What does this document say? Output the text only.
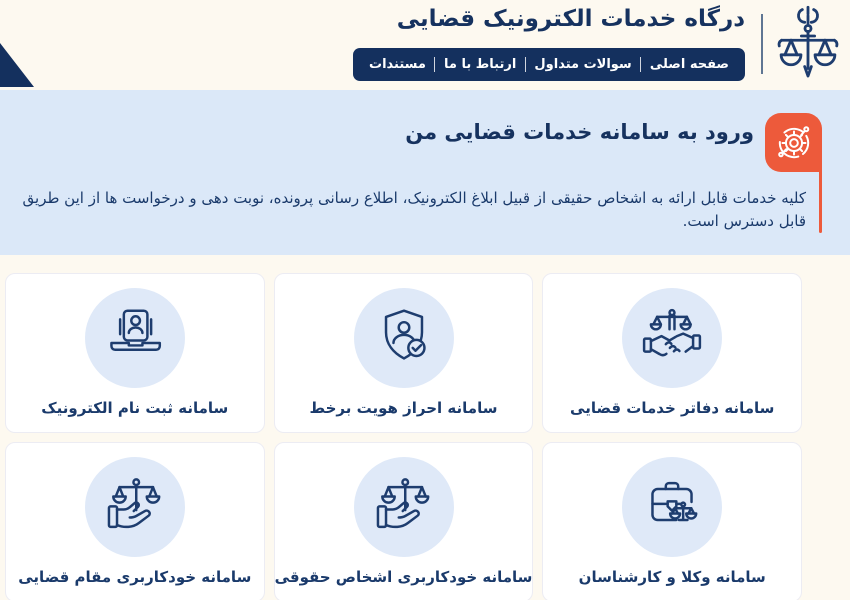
درگاه خدمات الکترونیک قضایی
صفحه اصلی
سوالات متداول
ارتباط با ما
مستندات
ورود به سامانه خدمات قضایی من

کلیه خدمات قابل ارائه به اشخاص حقیقی از قبیل ابلاغ الکترونیک، اطلاع رسانی پرونده، نوبت دهی و درخواست ها از این طریق قابل دسترس است.

سامانه دفاتر خدمات قضایی
سامانه احراز هویت برخط
سامانه ثبت نام الکترونیک
سامانه وکلا و کارشناسان
سامانه خودکاربری اشخاص حقوقی
سامانه خودکاربری مقام قضایی
